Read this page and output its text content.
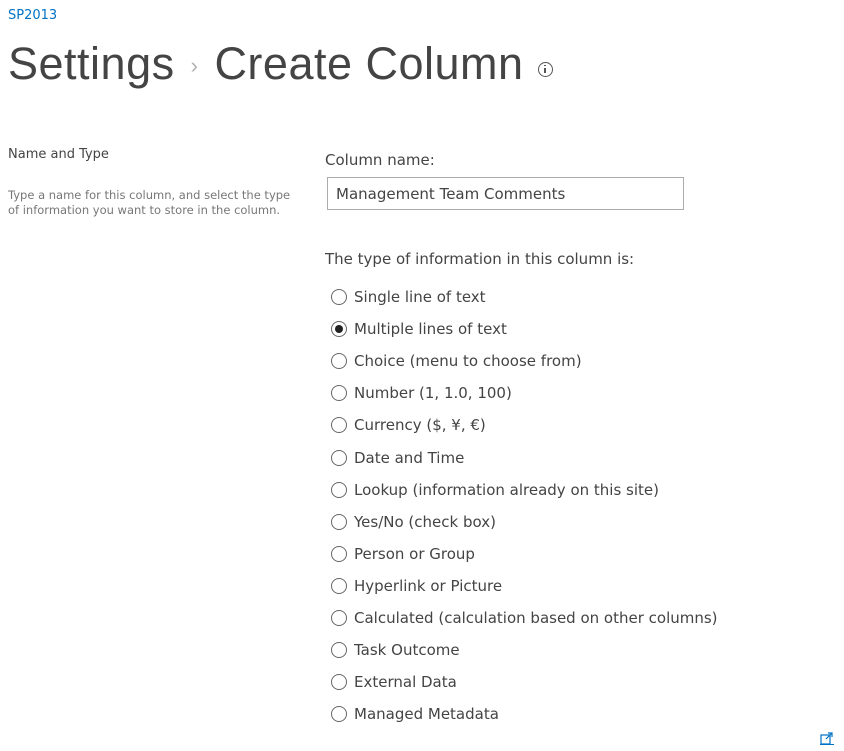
SP2013
Settings › Create Column
Name and Type
Type a name for this column, and select the type of information you want to store in the column.
Column name:
Management Team Comments
The type of information in this column is:
Single line of text
Multiple lines of text
Choice (menu to choose from)
Number (1, 1.0, 100)
Currency ($, ¥, €)
Date and Time
Lookup (information already on this site)
Yes/No (check box)
Person or Group
Hyperlink or Picture
Calculated (calculation based on other columns)
Task Outcome
External Data
Managed Metadata
